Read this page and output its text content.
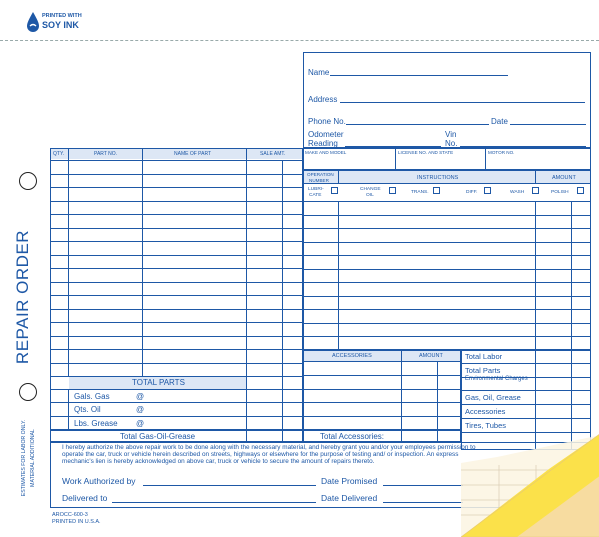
PRINTED WITH
SOY INK
REPAIR ORDER
ESTIMATES FOR LABOR ONLY. MATERIAL ADDITIONAL
Name
Address
Phone No.	Date
Odometer
Reading
Vin
No.
MAKE AND MODEL	LICENSE NO. AND STATE	MOTOR NO.
QTY.	PART NO.	NAME OF PART	SALE AMT.
TOTAL PARTS
Gals. Gas	@
Qts. Oil	@
Lbs. Grease @
Total Gas-Oil-Grease
OPERATION
NUMBER	INSTRUCTIONS	AMOUNT
LUBRI-
CATE
CHANGE
OIL
TRANS.	DIFF.	WASH	POLISH
ACCESSORIES	AMOUNT
Total Accessories:
Total Labor
Total Parts
Environmental Charges
Gas, Oil, Grease
Accessories
Tires, Tubes
I hereby authorize the above repair work to be done along with the necessary material, and hereby grant you and/or your employees permission to operate the car, truck or vehicle herein described on streets, highways or elsewhere for the purpose of testing and/ or inspection. An express mechanic's lien is hereby acknowledged on above car, truck or vehicle to secure the amount of repairs thereto.
Work Authorized by	Date Promised
Delivered to	Date Delivered
AROCC-600-3
PRINTED IN U.S.A.
